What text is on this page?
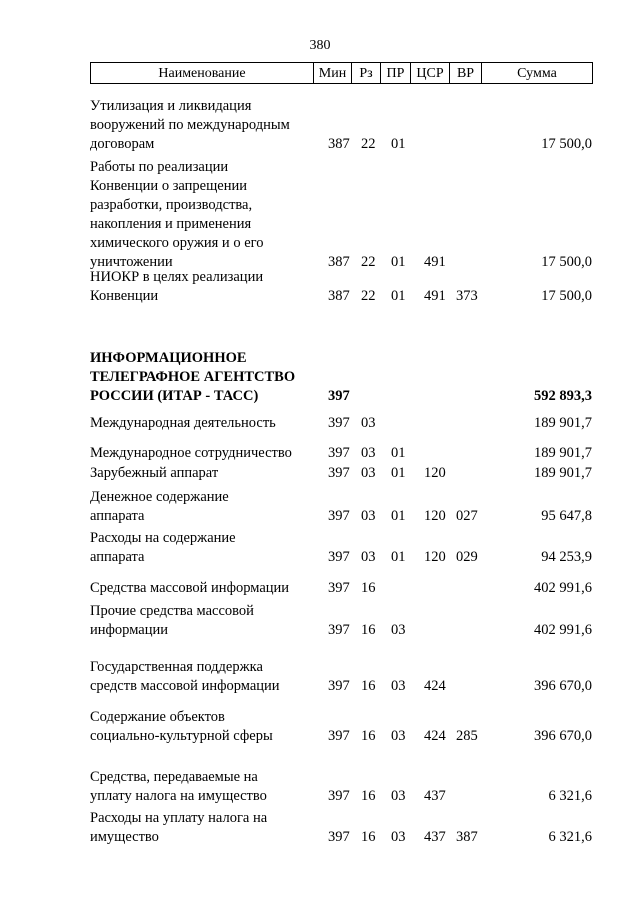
380
Наименование	Мин Рз ПР ЦСР ВР	Сумма
Утилизация и ликвидация
вооружений по международным
договорам	387 22 01	17 500,0
Работы по реализации
Конвенции о запрещении
разработки, производства,
накопления и применения
химического оружия и о его
уничтожении	387 22 01 491	17 500,0
НИОКР в целях реализации
Конвенции	387 22 01 491 373	17 500,0
ИНФОРМАЦИОННОЕ
ТЕЛЕГРАФНОЕ АГЕНТСТВО
РОССИИ (ИТАР - ТАСС)	397	592 893,3
Международная деятельность	397 03	189 901,7
Международное сотрудничество	397 03 01	189 901,7
Зарубежный аппарат	397 03 01 120	189 901,7
Денежное содержание
аппарата	397 03 01 120 027	95 647,8
Расходы на содержание
аппарата	397 03 01 120 029	94 253,9
Средства массовой информации	397 16	402 991,6
Прочие средства массовой
информации	397 16 03	402 991,6
Государственная поддержка
средств массовой информации	397 16 03 424	396 670,0
Содержание объектов
социально-культурной сферы	397 16 03 424 285	396 670,0
Средства, передаваемые на
уплату налога на имущество	397 16 03 437	6 321,6
Расходы на уплату налога на
имущество	397 16 03 437 387	6 321,6
